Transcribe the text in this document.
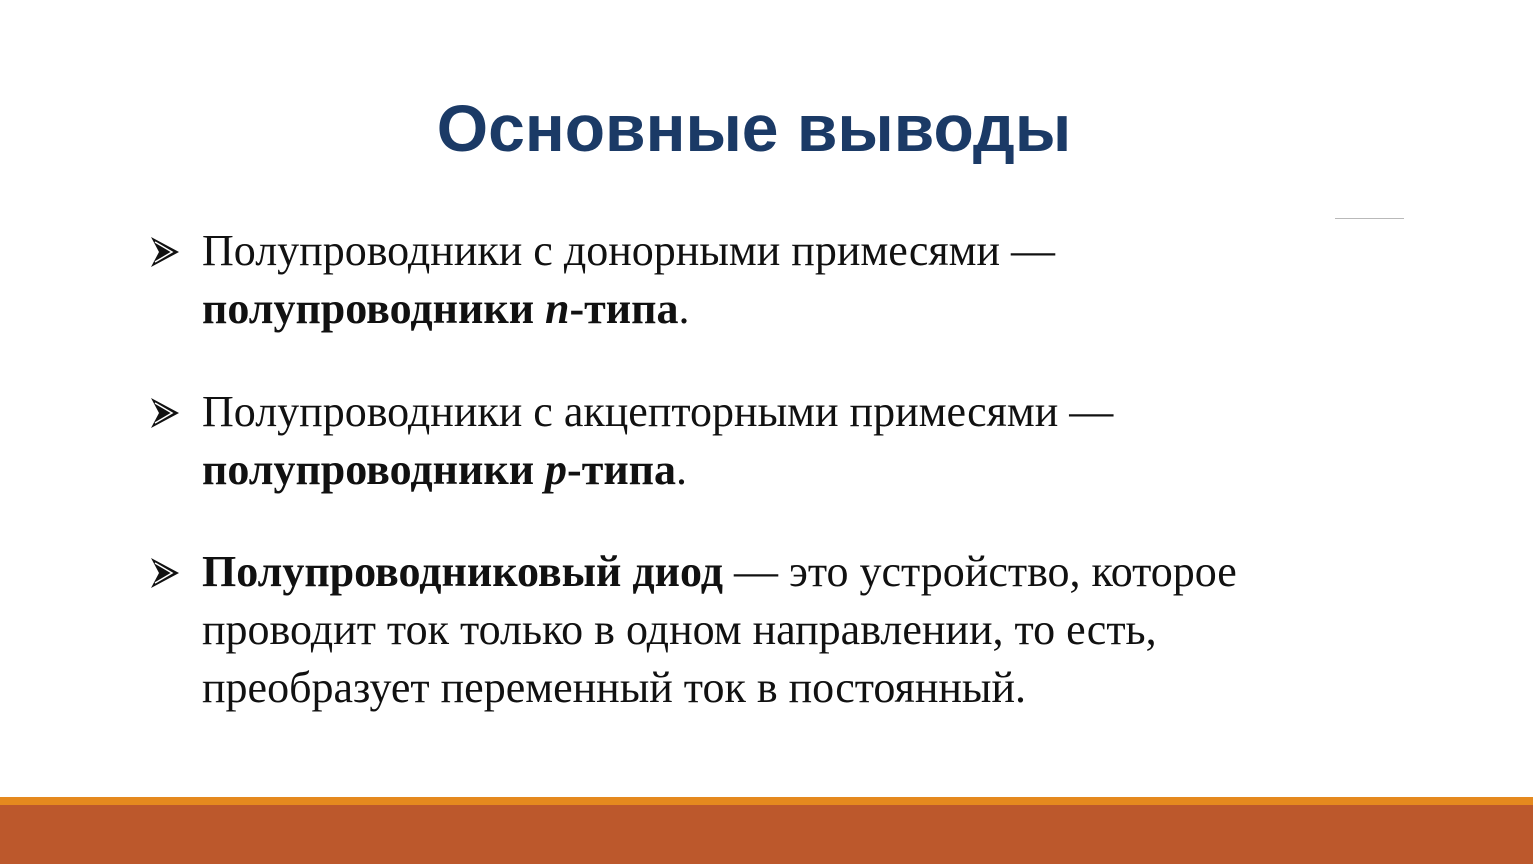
Основные выводы
Полупроводники с донорными примесями —
полупроводники n-типа.
Полупроводники с акцепторными примесями —
полупроводники p-типа.
Полупроводниковый диод — это устройство, которое проводит ток только в одном направлении, то есть, преобразует переменный ток в постоянный.
